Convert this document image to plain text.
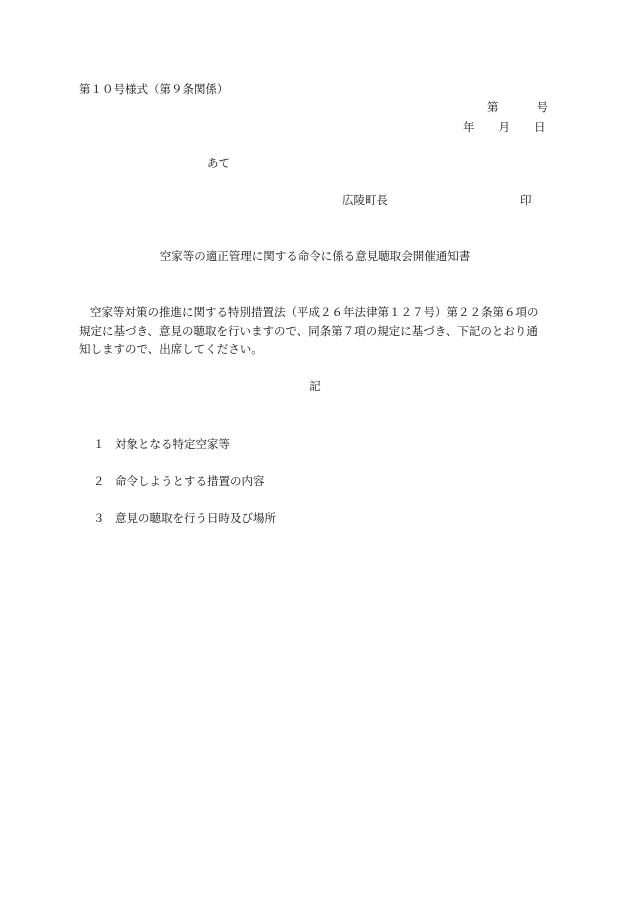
第１０号様式（第９条関係）
第	号
年 月 日
あて
広陵町長	印
空家等の適正管理に関する命令に係る意見聴取会開催通知書
空家等対策の推進に関する特別措置法（平成２６年法律第１２７号）第２２条第６項の
規定に基づき、意見の聴取を行いますので、同条第７項の規定に基づき、下記のとおり通
知しますので、出席してください。
記
１ 対象となる特定空家等
２ 命令しようとする措置の内容
３ 意見の聴取を行う日時及び場所
